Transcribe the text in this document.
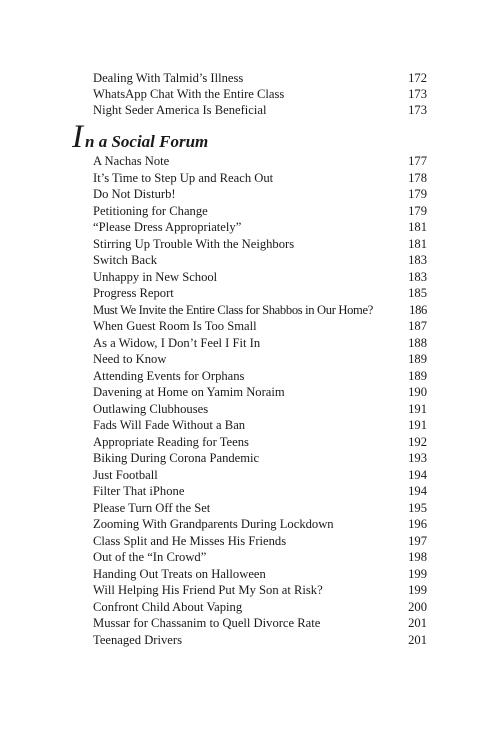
Dealing With Talmid’s Illness	172
WhatsApp Chat With the Entire Class	173
Night Seder America Is Beneficial	173
I n a Social Forum
A Nachas Note	177
It’s Time to Step Up and Reach Out	178
Do Not Disturb!	179
Petitioning for Change	179
“Please Dress Appropriately”	181
Stirring Up Trouble With the Neighbors	181
Switch Back	183
Unhappy in New School	183
Progress Report	185
Must We Invite the Entire Class for Shabbos in Our Home?	186
When Guest Room Is Too Small	187
As a Widow, I Don’t Feel I Fit In	188
Need to Know	189
Attending Events for Orphans	189
Davening at Home on Yamim Noraim	190
Outlawing Clubhouses	191
Fads Will Fade Without a Ban	191
Appropriate Reading for Teens	192
Biking During Corona Pandemic	193
Just Football	194
Filter That iPhone	194
Please Turn Off the Set	195
Zooming With Grandparents During Lockdown	196
Class Split and He Misses His Friends	197
Out of the “In Crowd”	198
Handing Out Treats on Halloween	199
Will Helping His Friend Put My Son at Risk?	199
Confront Child About Vaping	200
Mussar for Chassanim to Quell Divorce Rate	201
Teenaged Drivers	201
